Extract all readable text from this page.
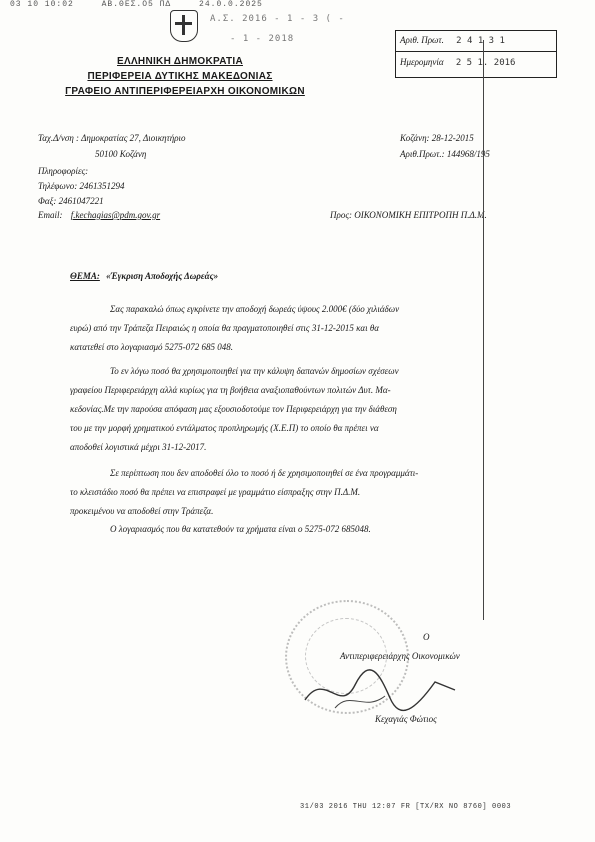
03 10 10:02	ΑΒ.ΘΕΣ.Ο5 ΠΔ	24.0.0.2025
Α.Σ. 2016 - 1 - 3 ( -
- 1 - 2018	Αριθ. Πρωτ. 2 4 1 3 1
Ημερομηνία 2 5 1. 2016
ΕΛΛΗΝΙΚΗ ΔΗΜΟΚΡΑΤΙΑ
ΠΕΡΙΦΕΡΕΙΑ ΔΥΤΙΚΗΣ ΜΑΚΕΔΟΝΙΑΣ
ΓΡΑΦΕΙΟ ΑΝΤΙΠΕΡΙΦΕΡΕΙΑΡΧΗ ΟΙΚΟΝΟΜΙΚΩΝ
Ταχ.Δ/νση : Δημοκρατίας 27, Διοικητήριο
50100 Κοζάνη
Πληροφορίες:
Τηλέφωνο: 2461351294
Φαξ: 2461047221
Email: f.kechagias@pdm.gov.gr
Κοζάνη: 28-12-2015
Αριθ.Πρωτ.: 144968/195
Προς: ΟΙΚΟΝΟΜΙΚΗ ΕΠΙΤΡΟΠΗ Π.Δ.Μ.
ΘΕΜΑ: «Έγκριση Αποδοχής Δωρεάς»
Σας παρακαλώ όπως εγκρίνετε την αποδοχή δωρεάς ύψους 2.000€ (δύο χιλιάδων
ευρώ) από την Τράπεζα Πειραιώς η οποία θα πραγματοποιηθεί στις 31-12-2015 και θα
κατατεθεί στο λογαριασμό 5275-072 685 048.
Το εν λόγω ποσό θα χρησιμοποιηθεί για την κάλυψη δαπανών δημοσίων σχέσεων
γραφείου Περιφερειάρχη αλλά κυρίως για τη βοήθεια αναξιοπαθούντων πολιτών Δυτ. Μα-
κεδονίας.Με την παρούσα απόφαση μας εξουσιοδοτούμε τον Περιφερειάρχη για την διάθεση
του με την μορφή χρηματικού εντάλματος προπληρωμής (Χ.Ε.Π) το οποίο θα πρέπει να
αποδοθεί λογιστικά μέχρι 31-12-2017.
Σε περίπτωση που δεν αποδοθεί όλο το ποσό ή δε χρησιμοποιηθεί σε ένα προγραμμάτι-
το κλειστάδιο ποσό θα πρέπει να επιστραφεί με γραμμάτιο είσπραξης στην Π.Δ.Μ.
προκειμένου να αποδοθεί στην Τράπεζα.
Ο λογαριασμός που θα κατατεθούν τα χρήματα είναι ο 5275-072 685048.
Ο
Αντιπεριφερειάρχης Οικονομικών
Κεχαγιάς Φώτιος
31/03 2016 THU 12:07 FR [TX/RX NO 8760] 0003
